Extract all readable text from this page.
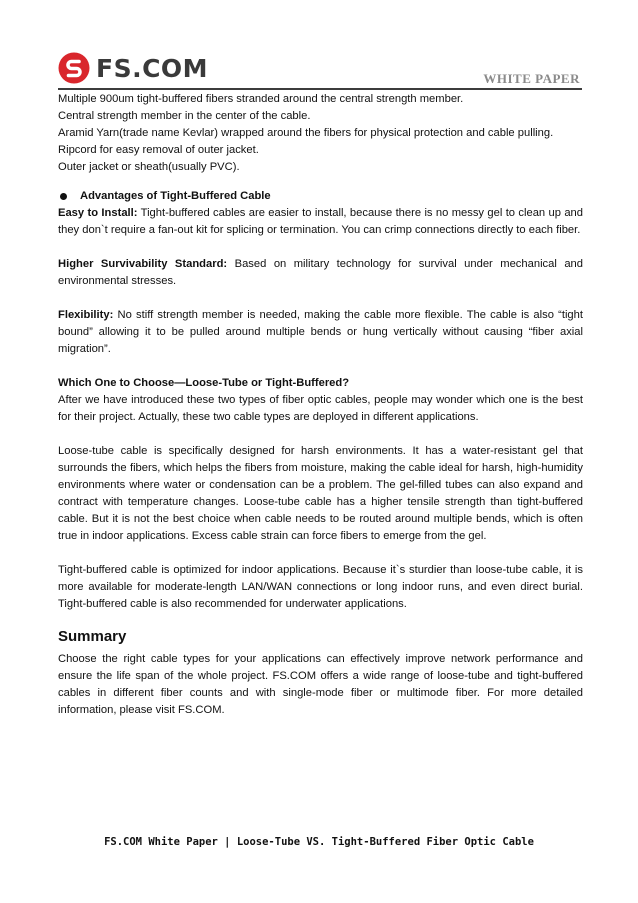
FS.COM	WHITE PAPER

Multiple 900um tight-buffered fibers stranded around the central strength member.

Central strength member in the center of the cable.

Aramid Yarn(trade name Kevlar) wrapped around the fibers for physical protection and cable pulling.

Ripcord for easy removal of outer jacket.

Outer jacket or sheath(usually PVC).

Advantages of Tight-Buffered Cable

Easy to Install: Tight-buffered cables are easier to install, because there is no messy gel to clean up and they don`t require a fan-out kit for splicing or termination. You can crimp connections directly to each fiber.

Higher Survivability Standard: Based on military technology for survival under mechanical and environmental stresses.

Flexibility: No stiff strength member is needed, making the cable more flexible. The cable is also “tight bound” allowing it to be pulled around multiple bends or hung vertically without causing “fiber axial migration”.

Which One to Choose—Loose-Tube or Tight-Buffered?

After we have introduced these two types of fiber optic cables, people may wonder which one is the best for their project. Actually, these two cable types are deployed in different applications.

Loose-tube cable is specifically designed for harsh environments. It has a water-resistant gel that surrounds the fibers, which helps the fibers from moisture, making the cable ideal for harsh, high-humidity environments where water or condensation can be a problem. The gel-filled tubes can also expand and contract with temperature changes. Loose-tube cable has a higher tensile strength than tight-buffered cable. But it is not the best choice when cable needs to be routed around multiple bends, which is often true in indoor applications. Excess cable strain can force fibers to emerge from the gel.

Tight-buffered cable is optimized for indoor applications. Because it`s sturdier than loose-tube cable, it is more available for moderate-length LAN/WAN connections or long indoor runs, and even direct burial. Tight-buffered cable is also recommended for underwater applications.

Summary

Choose the right cable types for your applications can effectively improve network performance and ensure the life span of the whole project. FS.COM offers a wide range of loose-tube and tight-buffered cables in different fiber counts and with single-mode fiber or multimode fiber. For more detailed information, please visit FS.COM.

FS.COM White Paper | Loose-Tube VS. Tight-Buffered Fiber Optic Cable
